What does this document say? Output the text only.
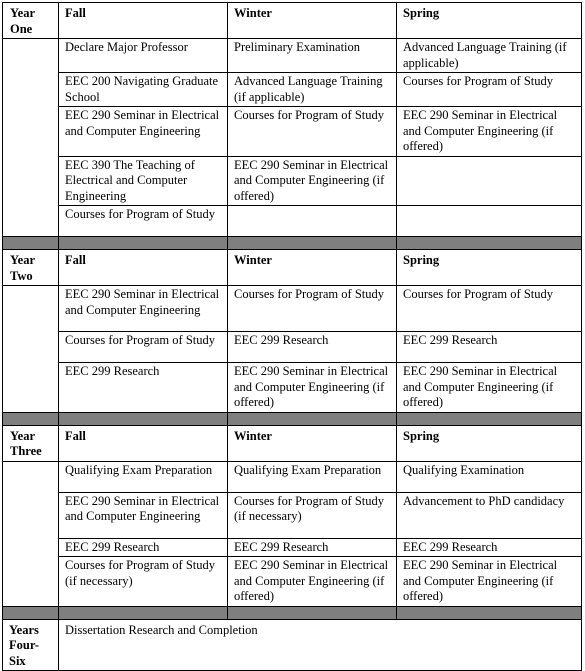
Year
One	Fall	Winter	Spring
	Declare Major Professor	Preliminary Examination	Advanced Language Training (if applicable)
	EEC 200 Navigating Graduate School	Advanced Language Training (if applicable)	Courses for Program of Study
	EEC 290 Seminar in Electrical and Computer Engineering	Courses for Program of Study	EEC 290 Seminar in Electrical and Computer Engineering (if offered)
	EEC 390 The Teaching of Electrical and Computer Engineering	EEC 290 Seminar in Electrical and Computer Engineering (if offered)	
	Courses for Program of Study		

Year
Two	Fall	Winter	Spring
	EEC 290 Seminar in Electrical and Computer Engineering	Courses for Program of Study	Courses for Program of Study
	Courses for Program of Study	EEC 299 Research	EEC 299 Research
	EEC 299 Research	EEC 290 Seminar in Electrical and Computer Engineering (if offered)	EEC 290 Seminar in Electrical and Computer Engineering (if offered)

Year
Three	Fall	Winter	Spring
	Qualifying Exam Preparation	Qualifying Exam Preparation	Qualifying Examination
	EEC 290 Seminar in Electrical and Computer Engineering	Courses for Program of Study (if necessary)	Advancement to PhD candidacy
	EEC 299 Research	EEC 299 Research	EEC 299 Research
	Courses for Program of Study (if necessary)	EEC 290 Seminar in Electrical and Computer Engineering (if offered)	EEC 290 Seminar in Electrical and Computer Engineering (if offered)

Years
Four-
Six	Dissertation Research and Completion		
